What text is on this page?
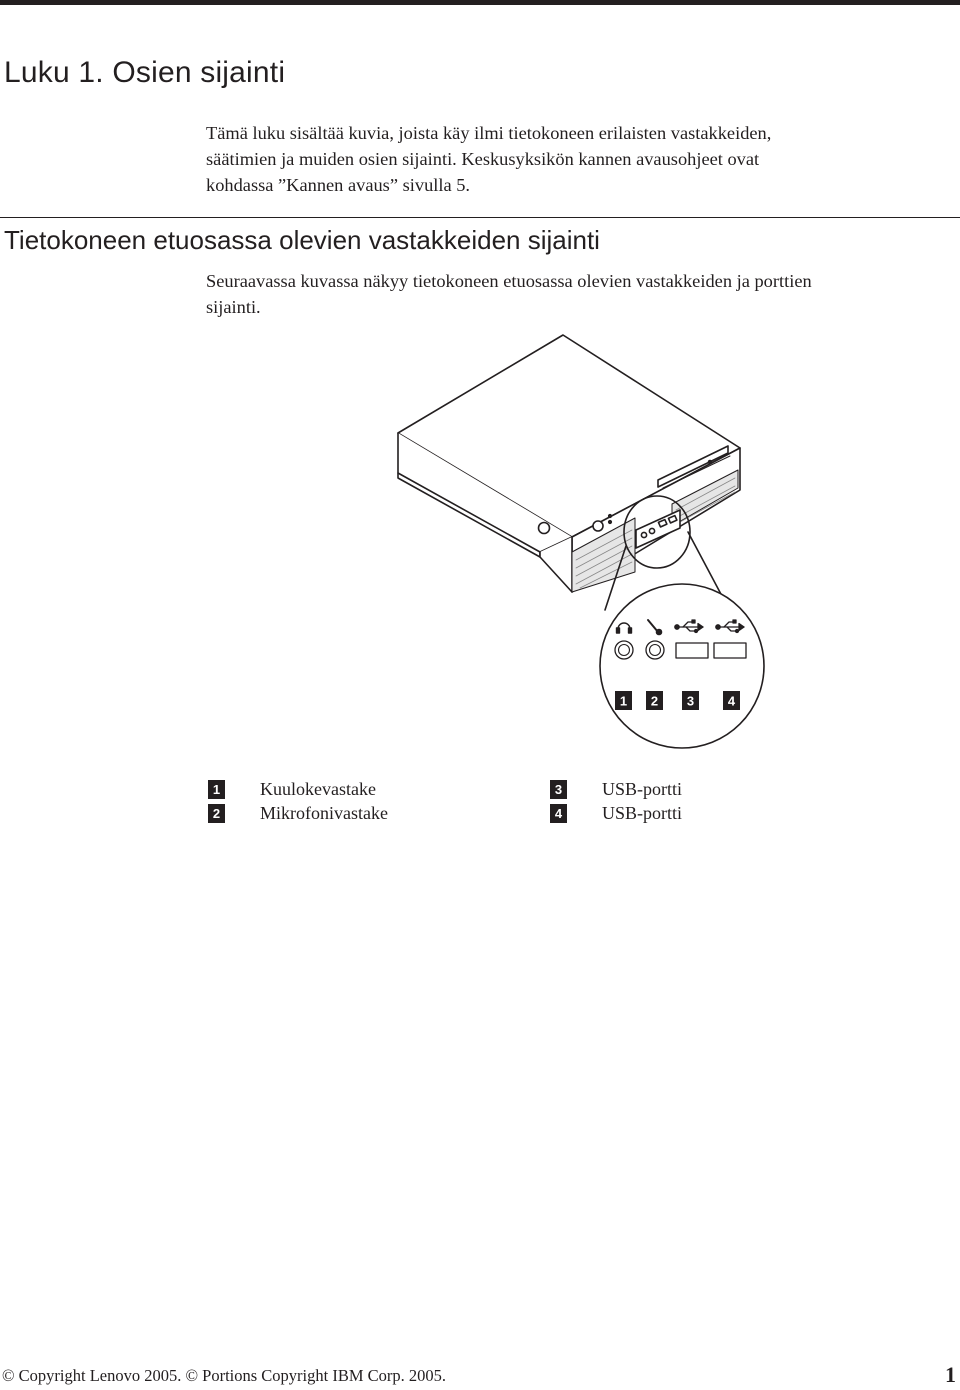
Luku 1. Osien sijainti

Tämä luku sisältää kuvia, joista käy ilmi tietokoneen erilaisten vastakkeiden,
säätimien ja muiden osien sijainti. Keskusyksikön kannen avausohjeet ovat
kohdassa ”Kannen avaus” sivulla 5.

Tietokoneen etuosassa olevien vastakkeiden sijainti

Seuraavassa kuvassa näkyy tietokoneen etuosassa olevien vastakkeiden ja porttien
sijainti.

1 2 3	4
1 Kuulokevastake
2 Mikrofonivastake
3 USB-portti
4 USB-portti
© Copyright Lenovo 2005. © Portions Copyright IBM Corp. 2005.	1
